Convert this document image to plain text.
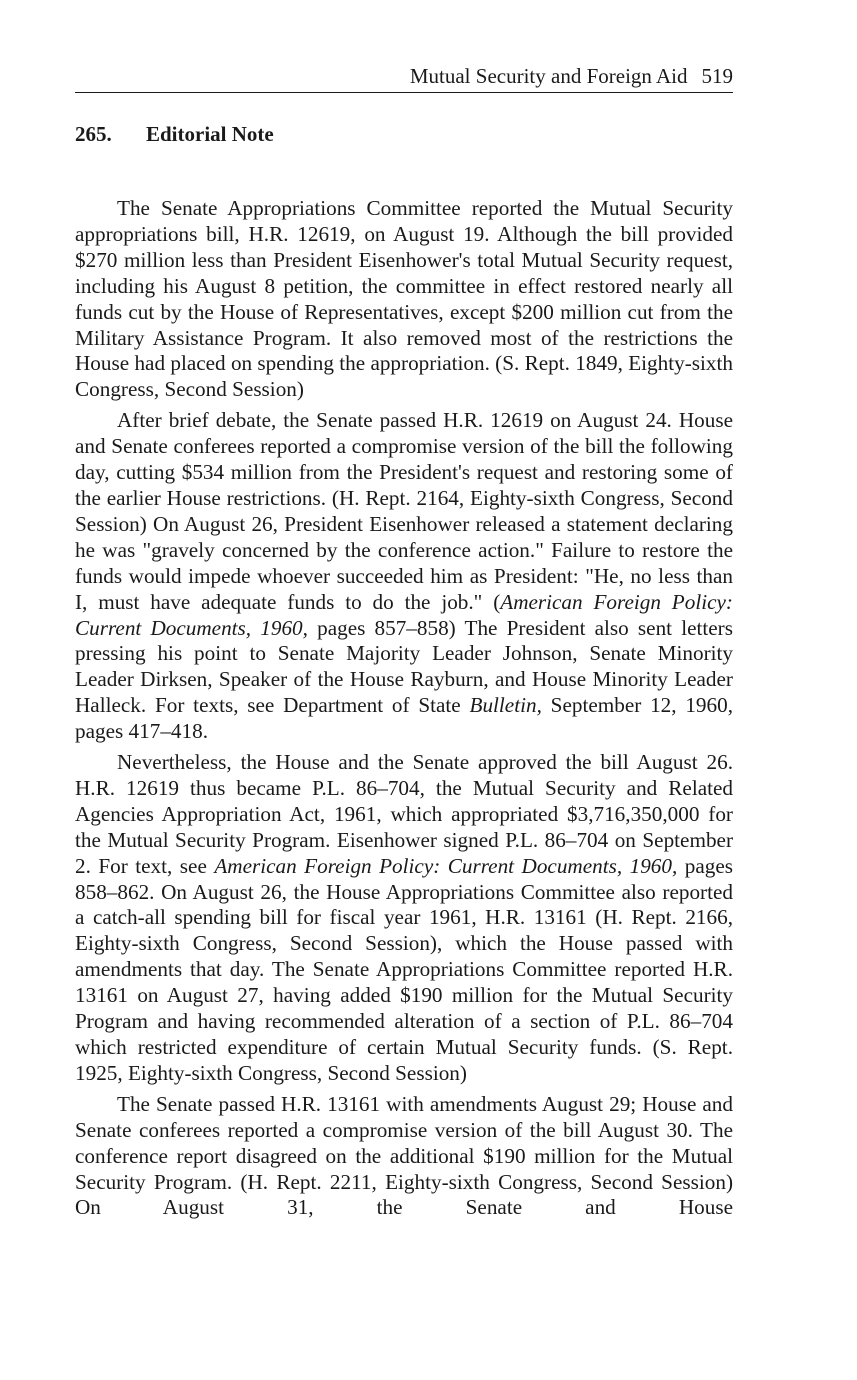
Mutual Security and Foreign Aid 519
265. Editorial Note

The Senate Appropriations Committee reported the Mutual Security appropriations bill, H.R. 12619, on August 19. Although the bill provided $270 million less than President Eisenhower's total Mutual Security request, including his August 8 petition, the committee in effect restored nearly all funds cut by the House of Representatives, except $200 million cut from the Military Assistance Program. It also removed most of the restrictions the House had placed on spending the appropriation. (S. Rept. 1849, Eighty-sixth Congress, Second Session)

After brief debate, the Senate passed H.R. 12619 on August 24. House and Senate conferees reported a compromise version of the bill the following day, cutting $534 million from the President's request and restoring some of the earlier House restrictions. (H. Rept. 2164, Eighty-sixth Congress, Second Session) On August 26, President Eisenhower released a statement declaring he was "gravely concerned by the conference action." Failure to restore the funds would impede whoever succeeded him as President: "He, no less than I, must have adequate funds to do the job." (American Foreign Policy: Current Documents, 1960, pages 857–858) The President also sent letters pressing his point to Senate Majority Leader Johnson, Senate Minority Leader Dirksen, Speaker of the House Rayburn, and House Minority Leader Halleck. For texts, see Department of State Bulletin, September 12, 1960, pages 417–418.

Nevertheless, the House and the Senate approved the bill August 26. H.R. 12619 thus became P.L. 86–704, the Mutual Security and Related Agencies Appropriation Act, 1961, which appropriated $3,716,350,000 for the Mutual Security Program. Eisenhower signed P.L. 86–704 on September 2. For text, see American Foreign Policy: Current Documents, 1960, pages 858–862. On August 26, the House Appropriations Committee also reported a catch-all spending bill for fiscal year 1961, H.R. 13161 (H. Rept. 2166, Eighty-sixth Congress, Second Session), which the House passed with amendments that day. The Senate Appropriations Committee reported H.R. 13161 on August 27, having added $190 million for the Mutual Security Program and having recommended alteration of a section of P.L. 86–704 which restricted expenditure of certain Mutual Security funds. (S. Rept. 1925, Eighty-sixth Congress, Second Session)

The Senate passed H.R. 13161 with amendments August 29; House and Senate conferees reported a compromise version of the bill August 30. The conference report disagreed on the additional $190 million for the Mutual Security Program. (H. Rept. 2211, Eighty-sixth Congress, Second Session) On August 31, the Senate and House
